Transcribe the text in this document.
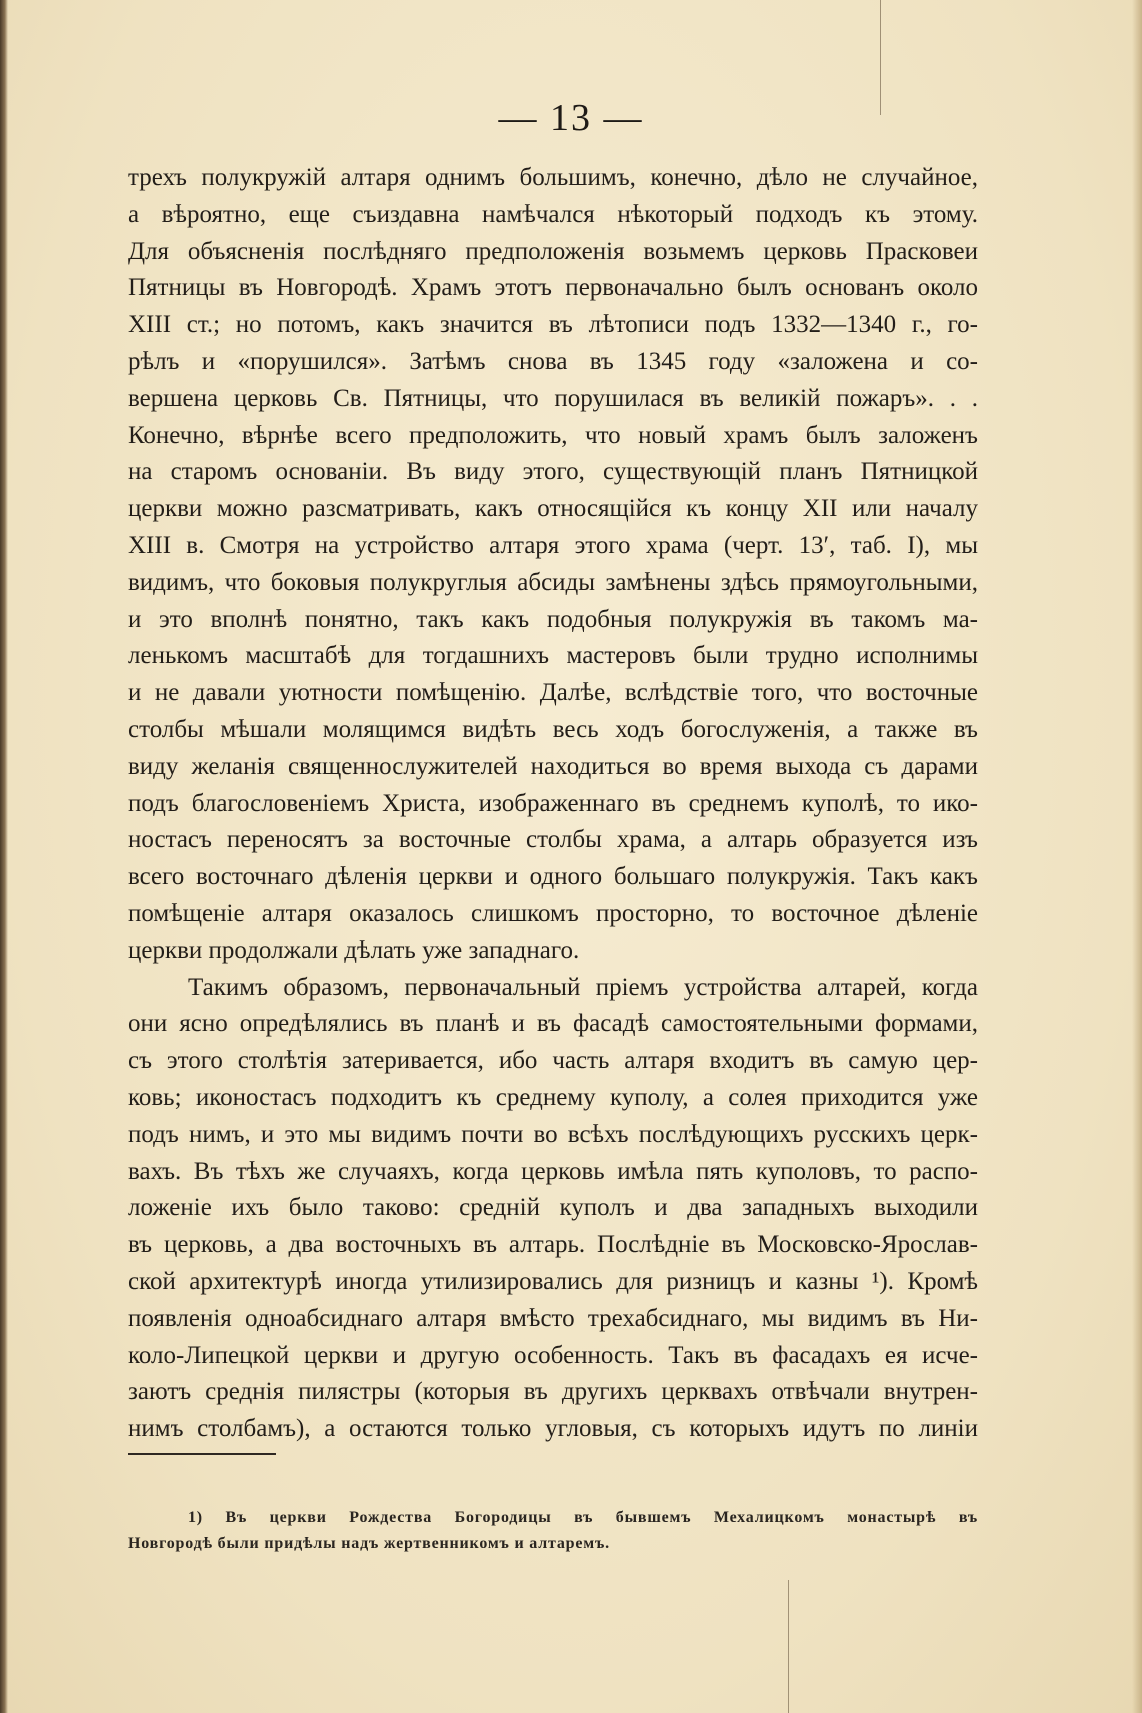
— 13 —
трехъ полукружій алтаря однимъ большимъ, конечно, дѣло не случайное,
а вѣроятно, еще съиздавна намѣчался нѣкоторый подходъ къ этому.
Для объясненія послѣдняго предположенія возьмемъ церковь Прасковеи
Пятницы въ Новгородѣ. Храмъ этотъ первоначально былъ основанъ около
XIII ст.; но потомъ, какъ значится въ лѣтописи подъ 1332—1340 г., го-
рѣлъ и «порушился». Затѣмъ снова въ 1345 году «заложена и со-
вершена церковь Св. Пятницы, что порушилася въ великій пожаръ». . .
Конечно, вѣрнѣе всего предположить, что новый храмъ былъ заложенъ
на старомъ основаніи. Въ виду этого, существующій планъ Пятницкой
церкви можно разсматривать, какъ относящійся къ концу XII или началу
XIII в. Смотря на устройство алтаря этого храма (черт. 13′, таб. I), мы
видимъ, что боковыя полукруглыя абсиды замѣнены здѣсь прямоугольными,
и это вполнѣ понятно, такъ какъ подобныя полукружія въ такомъ ма-
ленькомъ масштабѣ для тогдашнихъ мастеровъ были трудно исполнимы
и не давали уютности помѣщенію. Далѣе, вслѣдствіе того, что восточные
столбы мѣшали молящимся видѣть весь ходъ богослуженія, а также въ
виду желанія священнослужителей находиться во время выхода съ дарами
подъ благословеніемъ Христа, изображеннаго въ среднемъ куполѣ, то ико-
ностасъ переносятъ за восточные столбы храма, а алтарь образуется изъ
всего восточнаго дѣленія церкви и одного большаго полукружія. Такъ какъ
помѣщеніе алтаря оказалось слишкомъ просторно, то восточное дѣленіе
церкви продолжали дѣлать уже западнаго.
Такимъ образомъ, первоначальный пріемъ устройства алтарей, когда
они ясно опредѣлялись въ планѣ и въ фасадѣ самостоятельными формами,
съ этого столѣтія затеривается, ибо часть алтаря входитъ въ самую цер-
ковь; иконостасъ подходитъ къ среднему куполу, а солея приходится уже
подъ нимъ, и это мы видимъ почти во всѣхъ послѣдующихъ русскихъ церк-
вахъ. Въ тѣхъ же случаяхъ, когда церковь имѣла пять куполовъ, то распо-
ложеніе ихъ было таково: средній куполъ и два западныхъ выходили
въ церковь, а два восточныхъ въ алтарь. Послѣдніе въ Московско-Ярослав-
ской архитектурѣ иногда утилизировались для ризницъ и казны ¹). Кромѣ
появленія одноабсиднаго алтаря вмѣсто трехабсиднаго, мы видимъ въ Ни-
коло-Липецкой церкви и другую особенность. Такъ въ фасадахъ ея исче-
заютъ среднія пилястры (которыя въ другихъ церквахъ отвѣчали внутрен-
нимъ столбамъ), а остаются только угловыя, съ которыхъ идутъ по линіи
1) Въ церкви Рождества Богородицы въ бывшемъ Мехалицкомъ монастырѣ въ
Новгородѣ были придѣлы надъ жертвенникомъ и алтаремъ.
